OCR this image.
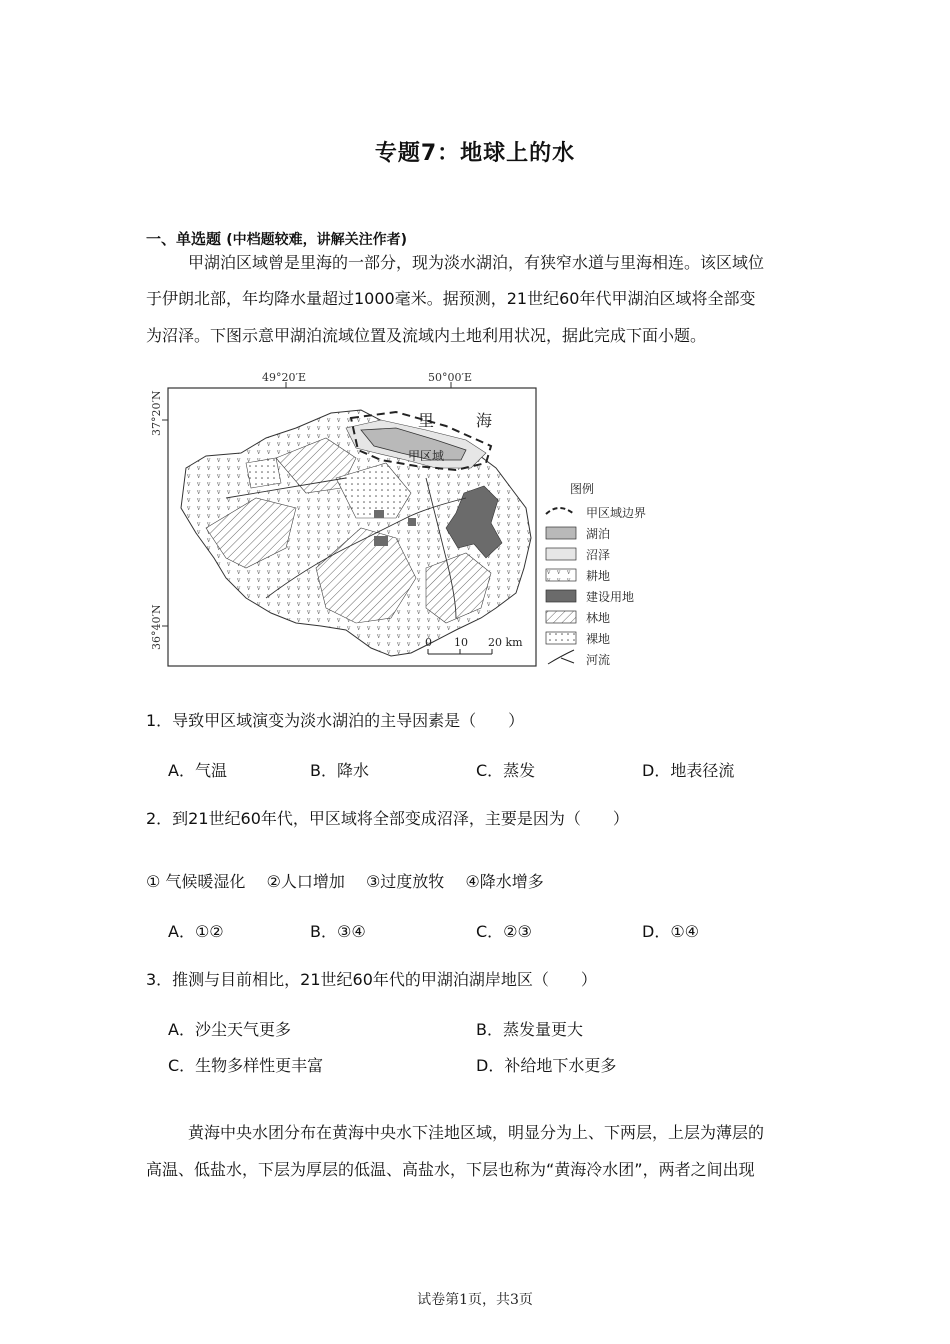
专题7：地球上的水
一、单选题 (中档题较难，讲解关注作者)
甲湖泊区域曾是里海的一部分，现为淡水湖泊，有狭窄水道与里海相连。该区域位
于伊朗北部，年均降水量超过1000毫米。据预测，21世纪60年代甲湖泊区域将全部变
为沼泽。下图示意甲湖泊流域位置及流域内土地利用状况，据此完成下面小题。
49°20′E	50°00′E
37°20′N
36°40′N
里	海
甲区域
0 10 20 km
图例
甲区域边界
湖泊
沼泽
耕地
建设用地
林地
裸地
河流
1．导致甲区域演变为淡水湖泊的主导因素是（　　）
A．气温	B．降水	C．蒸发	D．地表径流
2．到21世纪60年代，甲区域将全部变成沼泽，主要是因为（　　）
① 气候暖湿化　 ②人口增加　 ③过度放牧　 ④降水增多
A．①②	B．③④	C．②③	D．①④
3．推测与目前相比，21世纪60年代的甲湖泊湖岸地区（　　）
A．沙尘天气更多	B．蒸发量更大
C．生物多样性更丰富	D．补给地下水更多
黄海中央水团分布在黄海中央水下洼地区域，明显分为上、下两层，上层为薄层的
高温、低盐水，下层为厚层的低温、高盐水，下层也称为“黄海冷水团”，两者之间出现
试卷第1页，共3页
